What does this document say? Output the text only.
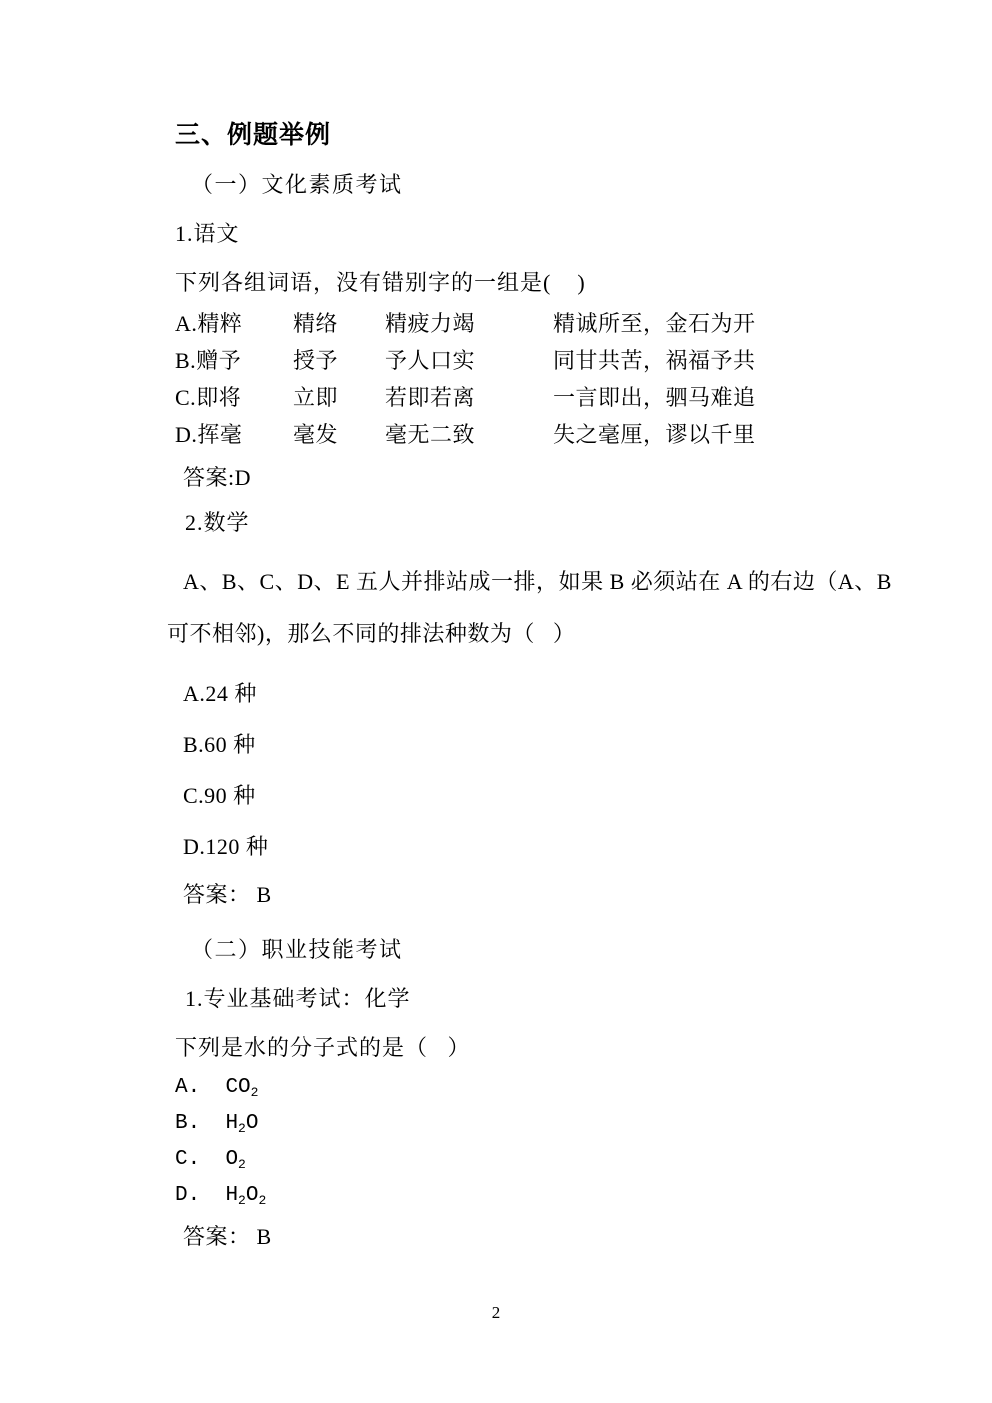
三、例题举例
（一）文化素质考试
1.语文
下列各组词语，没有错别字的一组是(    )
A.精粹 精络 精疲力竭	精诚所至，金石为开
B.赠予 授予 予人口实	同甘共苦，祸福予共
C.即将 立即 若即若离	一言即出，驷马难追
D.挥毫 毫发 毫无二致	失之毫厘，谬以千里
答案:D
2.数学
A、B、C、D、E 五人并排站成一排，如果 B 必须站在 A 的右边（A、B
可不相邻)，那么不同的排法种数为（   ）
A.24 种
B.60 种
C.90 种
D.120 种
答案： B
（二）职业技能考试
1.专业基础考试：化学
下列是水的分子式的是（   ）
A. $CO_2$
B. $H_2O$
C. $O_2$
D. $H_2O_2$
答案： B
2
